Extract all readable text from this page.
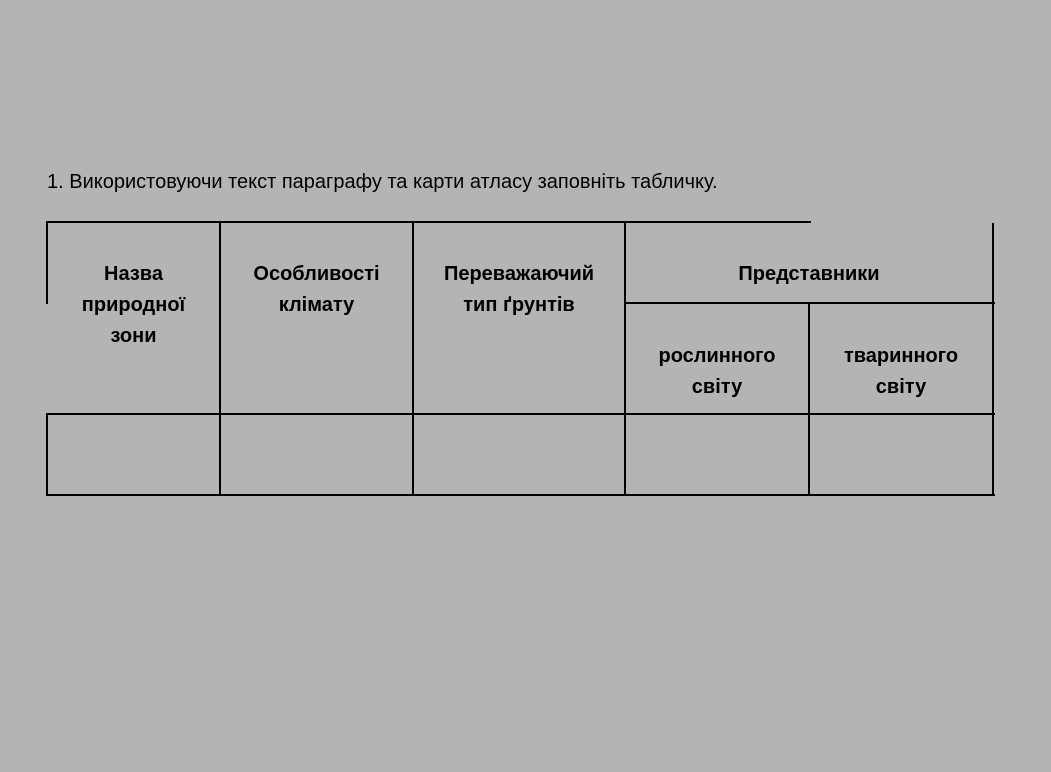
1. Використовуючи текст параграфу та карти атласу заповніть табличку.
Назва
природної
зони
Особливості
клімату
Переважаючий
тип ґрунтів
Представники
рослинного
світу
тваринного
світу
